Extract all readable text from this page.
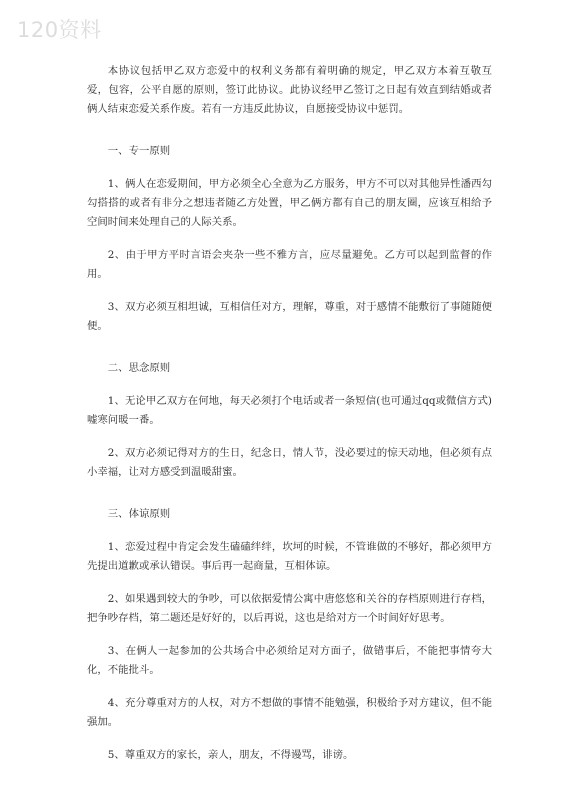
120资料

本协议包括甲乙双方恋爱中的权利义务都有着明确的规定，甲乙双方本着互敬互爱，包容，公平自愿的原则，签订此协议。此协议经甲乙签订之日起有效直到结婚或者俩人结束恋爱关系作废。若有一方违反此协议，自愿接受协议中惩罚。

一、专一原则

1、俩人在恋爱期间，甲方必须全心全意为乙方服务，甲方不可以对其他异性潘西勾勾搭搭的或者有非分之想违者随乙方处置，甲乙俩方都有自己的朋友圈，应该互相给予空间时间来处理自己的人际关系。

2、由于甲方平时言语会夹杂一些不雅方言，应尽量避免。乙方可以起到监督的作用。

3、双方必须互相坦诚，互相信任对方，理解，尊重，对于感情不能敷衍了事随随便便。

二、思念原则

1、无论甲乙双方在何地，每天必须打个电话或者一条短信(也可通过qq或微信方式)嘘寒问暖一番。

2、双方必须记得对方的生日，纪念日，情人节，没必要过的惊天动地，但必须有点小幸福，让对方感受到温暖甜蜜。

三、体谅原则

1、恋爱过程中肯定会发生磕磕绊绊，坎坷的时候，不管谁做的不够好，都必须甲方先提出道歉或承认错误。事后再一起商量，互相体谅。

2、如果遇到较大的争吵，可以依据爱情公寓中唐悠悠和关谷的存档原则进行存档，把争吵存档，第二题还是好好的，以后再说，这也是给对方一个时间好好思考。

3、在俩人一起参加的公共场合中必须给足对方面子，做错事后，不能把事情夸大化，不能批斗。

4、充分尊重对方的人权，对方不想做的事情不能勉强，积极给予对方建议，但不能强加。

5、尊重双方的家长，亲人，朋友，不得谩骂，诽谤。
